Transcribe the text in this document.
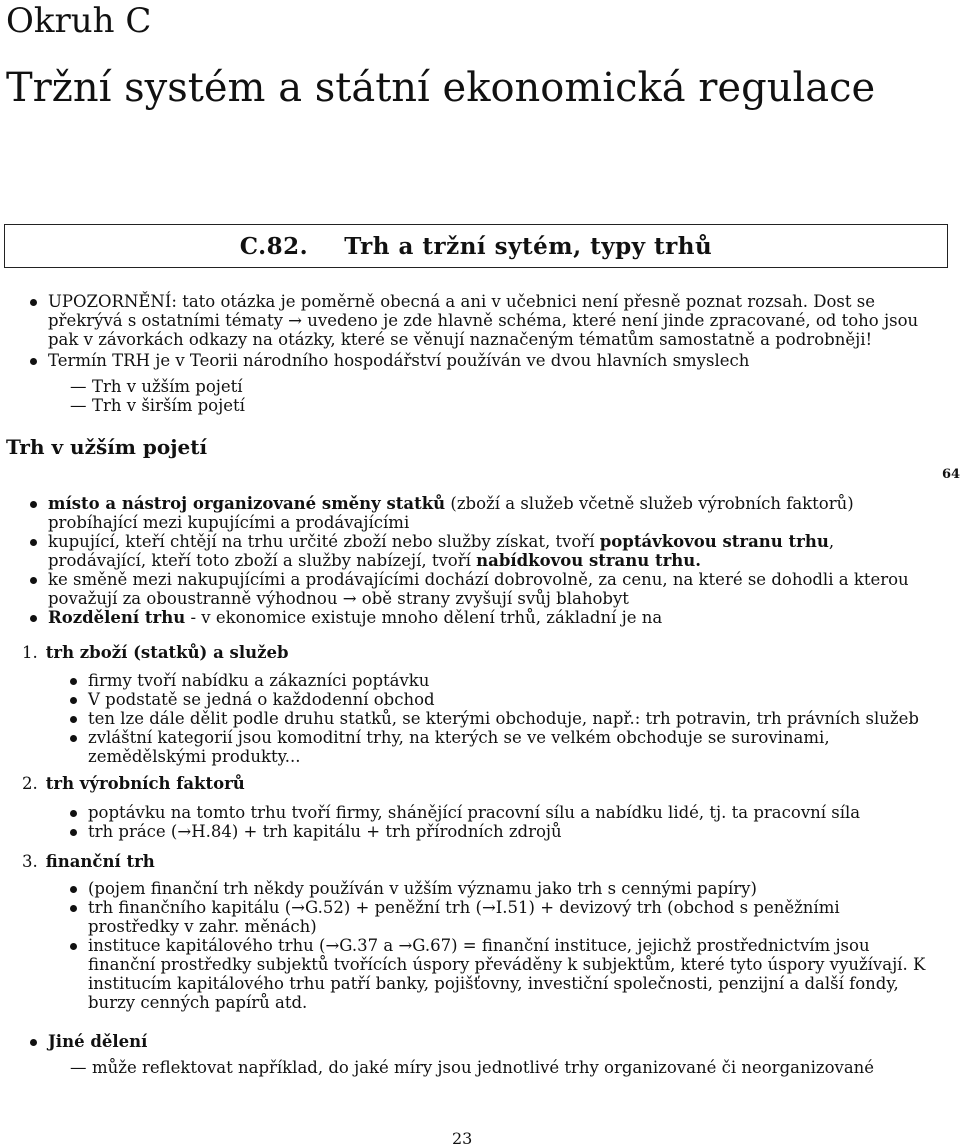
Okruh C
Tržní systém a státní ekonomická regulace
C.82. Trh a tržní sytém, typy trhů
UPOZORNĚNÍ: tato otázka je poměrně obecná a ani v učebnici není přesně poznat rozsah. Dost se překrývá s ostatními tématy → uvedeno je zde hlavně schéma, které není jinde zpracované, od toho jsou pak v závorkách odkazy na otázky, které se věnují naznačeným tématům samostatně a podrobněji!
Termín TRH je v Teorii národního hospodářství používán ve dvou hlavních smyslech
— Trh v užším pojetí
— Trh v širším pojetí
Trh v užším pojetí
64
místo a nástroj organizované směny statků (zboží a služeb včetně služeb výrobních faktorů) probíhající mezi kupujícími a prodávajícími
kupující, kteří chtějí na trhu určité zboží nebo služby získat, tvoří poptávkovou stranu trhu, prodávající, kteří toto zboží a služby nabízejí, tvoří nabídkovou stranu trhu.
ke směně mezi nakupujícími a prodávajícími dochází dobrovolně, za cenu, na které se dohodli a kterou považují za oboustranně výhodnou → obě strany zvyšují svůj blahobyt
Rozdělení trhu - v ekonomice existuje mnoho dělení trhů, základní je na
1. trh zboží (statků) a služeb
firmy tvoří nabídku a zákazníci poptávku
V podstatě se jedná o každodenní obchod
ten lze dále dělit podle druhu statků, se kterými obchoduje, např.: trh potravin, trh právních služeb
zvláštní kategorií jsou komoditní trhy, na kterých se ve velkém obchoduje se surovinami, zemědělskými produkty...
2. trh výrobních faktorů
poptávku na tomto trhu tvoří firmy, shánějící pracovní sílu a nabídku lidé, tj. ta pracovní síla
trh práce (→H.84) + trh kapitálu + trh přírodních zdrojů
3. finanční trh
(pojem finanční trh někdy používán v užším významu jako trh s cennými papíry)
trh finančního kapitálu (→G.52) + peněžní trh (→I.51) + devizový trh (obchod s peněžními prostředky v zahr. měnách)
instituce kapitálového trhu (→G.37 a →G.67) = finanční instituce, jejichž prostřednictvím jsou finanční prostředky subjektů tvořících úspory převáděny k subjektům, které tyto úspory využívají. K institucím kapitálového trhu patří banky, pojišťovny, investiční společnosti, penzijní a další fondy, burzy cenných papírů atd.
Jiné dělení
— může reflektovat například, do jaké míry jsou jednotlivé trhy organizované či neorganizované
23
